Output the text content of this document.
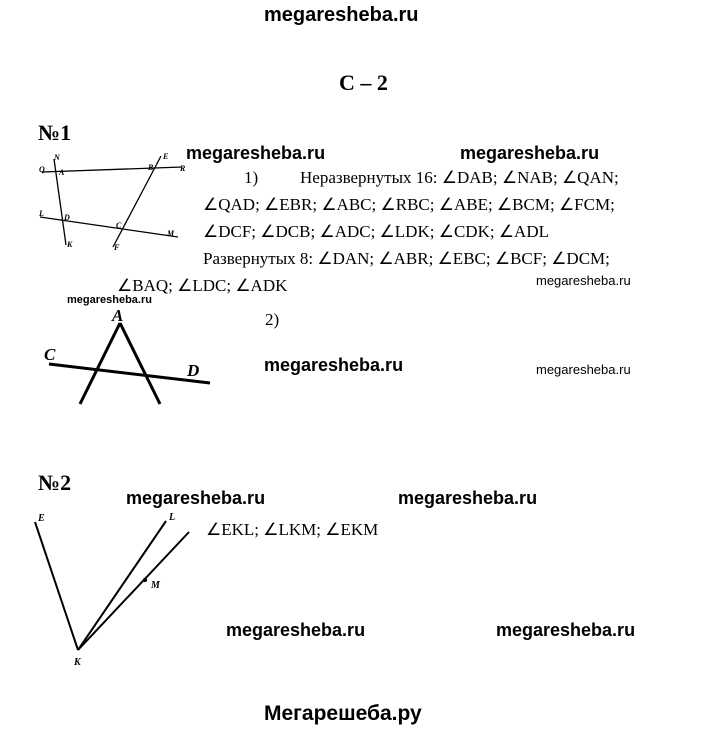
megaresheba.ru
С – 2
№1
megaresheba.ru	megaresheba.ru
N	E
Q A
B	R
L	D
C
M
K	F
1) Неразвернутых 16: ∠DAB; ∠NAB; ∠QAN;
∠QAD; ∠EBR; ∠ABC; ∠RBC; ∠ABE; ∠BCM; ∠FCM;
∠DCF; ∠DCB; ∠ADC; ∠LDK; ∠CDK; ∠ADL
Развернутых 8: ∠DAN; ∠ABR; ∠EBC; ∠BCF; ∠DCM;
∠BAQ; ∠LDC; ∠ADK	megaresheba.ru
megaresheba.ru
2)
A
C
D	megaresheba.ru	megaresheba.ru
№2
megaresheba.ru	megaresheba.ru
E	L
M
K
∠EKL; ∠LKM; ∠EKM
megaresheba.ru	megaresheba.ru
Мегарешеба.ру
